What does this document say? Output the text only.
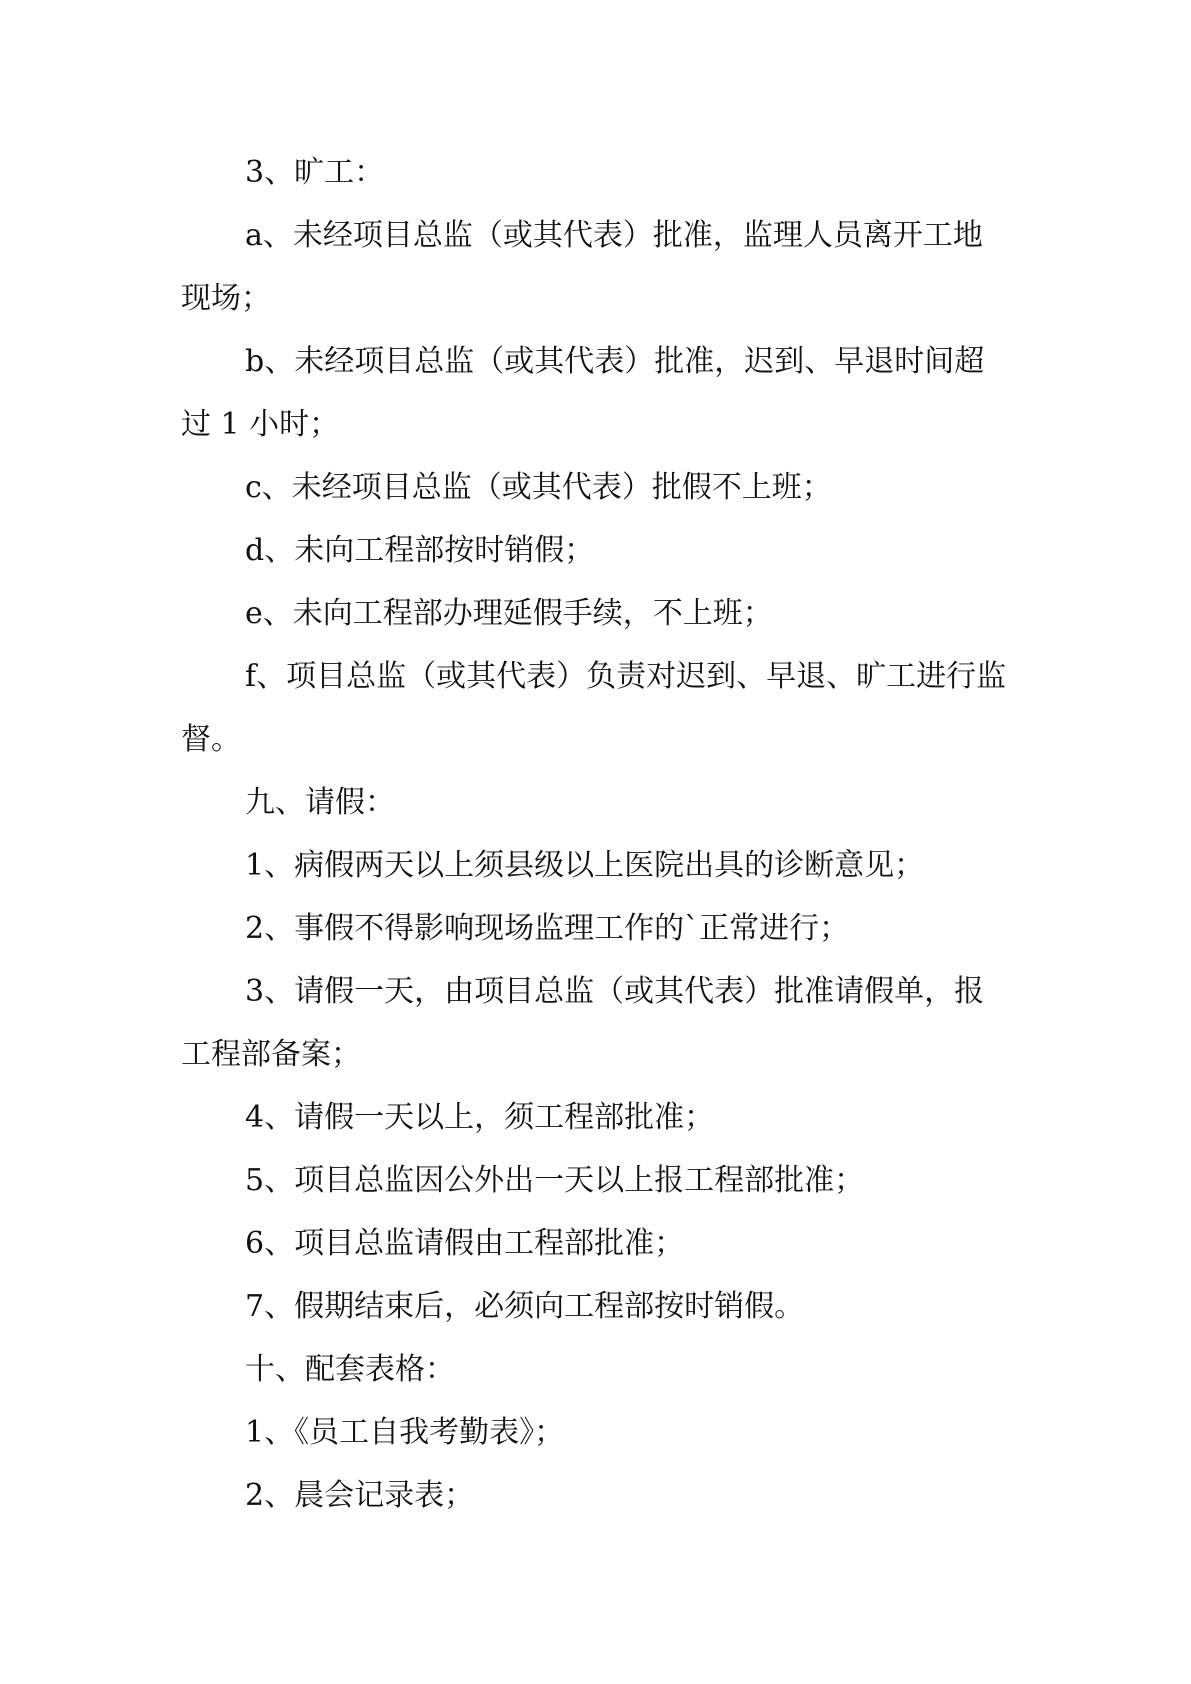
3、旷工：

a、未经项目总监（或其代表）批准，监理人员离开工地现场；

b、未经项目总监（或其代表）批准，迟到、早退时间超过 1 小时；

c、未经项目总监（或其代表）批假不上班；

d、未向工程部按时销假；

e、未向工程部办理延假手续，不上班；

f、项目总监（或其代表）负责对迟到、早退、旷工进行监督。

九、请假：

1、病假两天以上须县级以上医院出具的诊断意见；

2、事假不得影响现场监理工作的`正常进行；

3、请假一天，由项目总监（或其代表）批准请假单，报工程部备案；

4、请假一天以上，须工程部批准；

5、项目总监因公外出一天以上报工程部批准；

6、项目总监请假由工程部批准；

7、假期结束后，必须向工程部按时销假。

十、配套表格：

1、《员工自我考勤表》；

2、晨会记录表；
